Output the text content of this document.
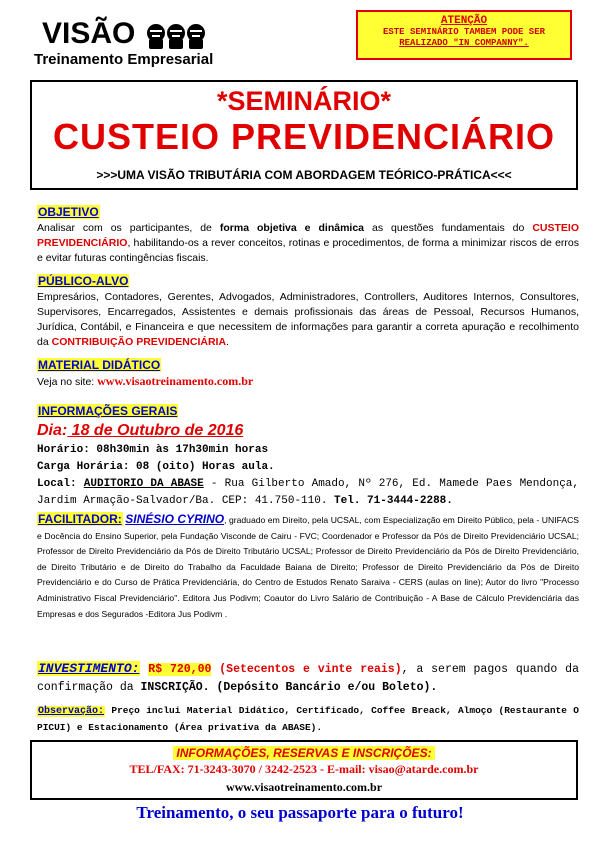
VISÃO
Treinamento Empresarial
ATENÇÃO
ESTE SEMINÁRIO TAMBEM PODE SER
REALIZADO "IN COMPANNY".
*SEMINÁRIO*
CUSTEIO PREVIDENCIÁRIO
>>>UMA VISÃO TRIBUTÁRIA COM ABORDAGEM TEÓRICO-PRÁTICA<<<
OBJETIVO
Analisar com os participantes, de forma objetiva e dinâmica as questões fundamentais do CUSTEIO PREVIDENCIÁRIO, habilitando-os a rever conceitos, rotinas e procedimentos, de forma a minimizar riscos de erros e evitar futuras contingências fiscais.
PÚBLICO-ALVO
Empresários, Contadores, Gerentes, Advogados, Administradores, Controllers, Auditores Internos, Consultores, Supervisores, Encarregados, Assistentes e demais profissionais das áreas de Pessoal, Recursos Humanos, Jurídica, Contábil, e Financeira e que necessitem de informações para garantir a correta apuração e recolhimento da CONTRIBUIÇÃO PREVIDENCIÁRIA.
MATERIAL DIDÁTICO
Veja no site: www.visaotreinamento.com.br
INFORMAÇÕES GERAIS
Dia: 18 de Outubro de 2016
Horário: 08h30min às 17h30min horas
Carga Horária: 08 (oito) Horas aula.
Local: AUDITORIO DA ABASE - Rua Gilberto Amado, Nº 276, Ed. Mamede Paes Mendonça, Jardim Armação-Salvador/Ba. CEP: 41.750-110. Tel. 71-3444-2288.
FACILITADOR: SINÉSIO CYRINO, graduado em Direito, pela UCSAL, com Especialização em Direito Público, pela - UNIFACS e Docência do Ensino Superior, pela Fundação Visconde de Cairu - FVC; Coordenador e Professor da Pós de Direito Previdenciário UCSAL; Professor de Direito Previdenciário da Pós de Direito Tributário UCSAL; Professor de Direito Previdenciário da Pós de Direito Previdenciário, de Direito Tributário e de Direito do Trabalho da Faculdade Baiana de Direito; Professor de Direito Previdenciário da Pós de Direito Previdenciário e do Curso de Prática Previdenciária, do Centro de Estudos Renato Saraiva - CERS (aulas on line); Autor do livro "Processo Administrativo Fiscal Previdenciário". Editora Jus Podivm; Coautor do Livro Salário de Contribuição - A Base de Cálculo Previdenciária das Empresas e dos Segurados -Editora Jus Podivm .
INVESTIMENTO: R$ 720,00 (Setecentos e vinte reais), a serem pagos quando da confirmação da INSCRIÇÃO. (Depósito Bancário e/ou Boleto).
Observação: Preço inclui Material Didático, Certificado, Coffee Breack, Almoço (Restaurante O PICUI) e Estacionamento (Área privativa da ABASE).
INFORMAÇÕES, RESERVAS E INSCRIÇÕES:
TEL/FAX: 71-3243-3070 / 3242-2523 - E-mail: visao@atarde.com.br
www.visaotreinamento.com.br
Treinamento, o seu passaporte para o futuro!
